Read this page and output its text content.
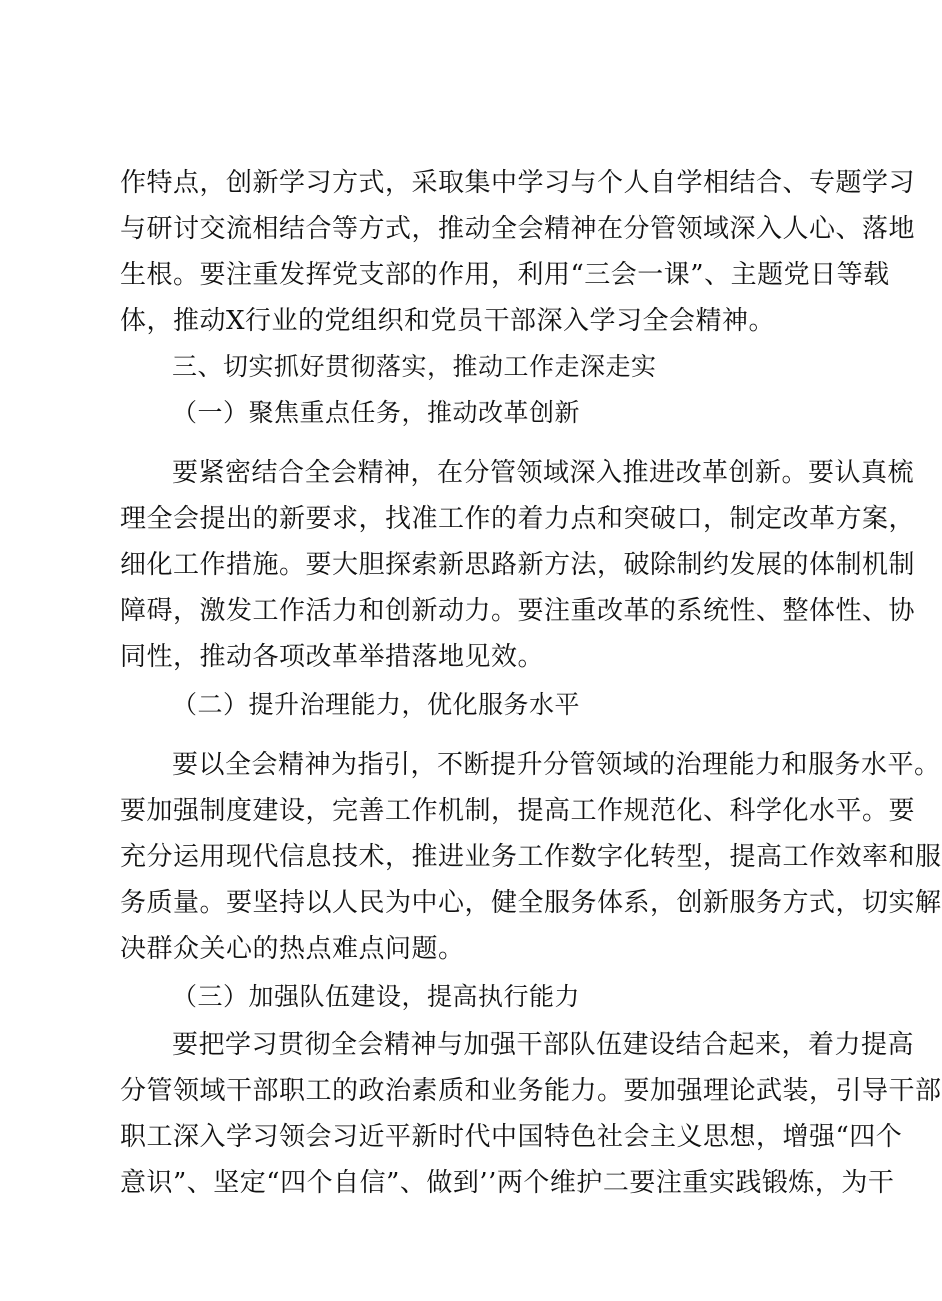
作特点，创新学习方式，采取集中学习与个人自学相结合、专题学习
与研讨交流相结合等方式，推动全会精神在分管领域深入人心、落地
生根。要注重发挥党支部的作用，利用“三会一课”、主题党日等载
体，推动X行业的党组织和党员干部深入学习全会精神。
三、切实抓好贯彻落实，推动工作走深走实
（一）聚焦重点任务，推动改革创新
要紧密结合全会精神，在分管领域深入推进改革创新。要认真梳
理全会提出的新要求，找准工作的着力点和突破口，制定改革方案，
细化工作措施。要大胆探索新思路新方法，破除制约发展的体制机制
障碍，激发工作活力和创新动力。要注重改革的系统性、整体性、协
同性，推动各项改革举措落地见效。
（二）提升治理能力，优化服务水平
要以全会精神为指引，不断提升分管领域的治理能力和服务水平。
要加强制度建设，完善工作机制，提高工作规范化、科学化水平。要
充分运用现代信息技术，推进业务工作数字化转型，提高工作效率和服
务质量。要坚持以人民为中心，健全服务体系，创新服务方式，切实解
决群众关心的热点难点问题。
（三）加强队伍建设，提高执行能力
要把学习贯彻全会精神与加强干部队伍建设结合起来，着力提高
分管领域干部职工的政治素质和业务能力。要加强理论武装，引导干部
职工深入学习领会习近平新时代中国特色社会主义思想，增强“四个
意识”、坚定“四个自信”、做到’’两个维护二要注重实践锻炼，为干
